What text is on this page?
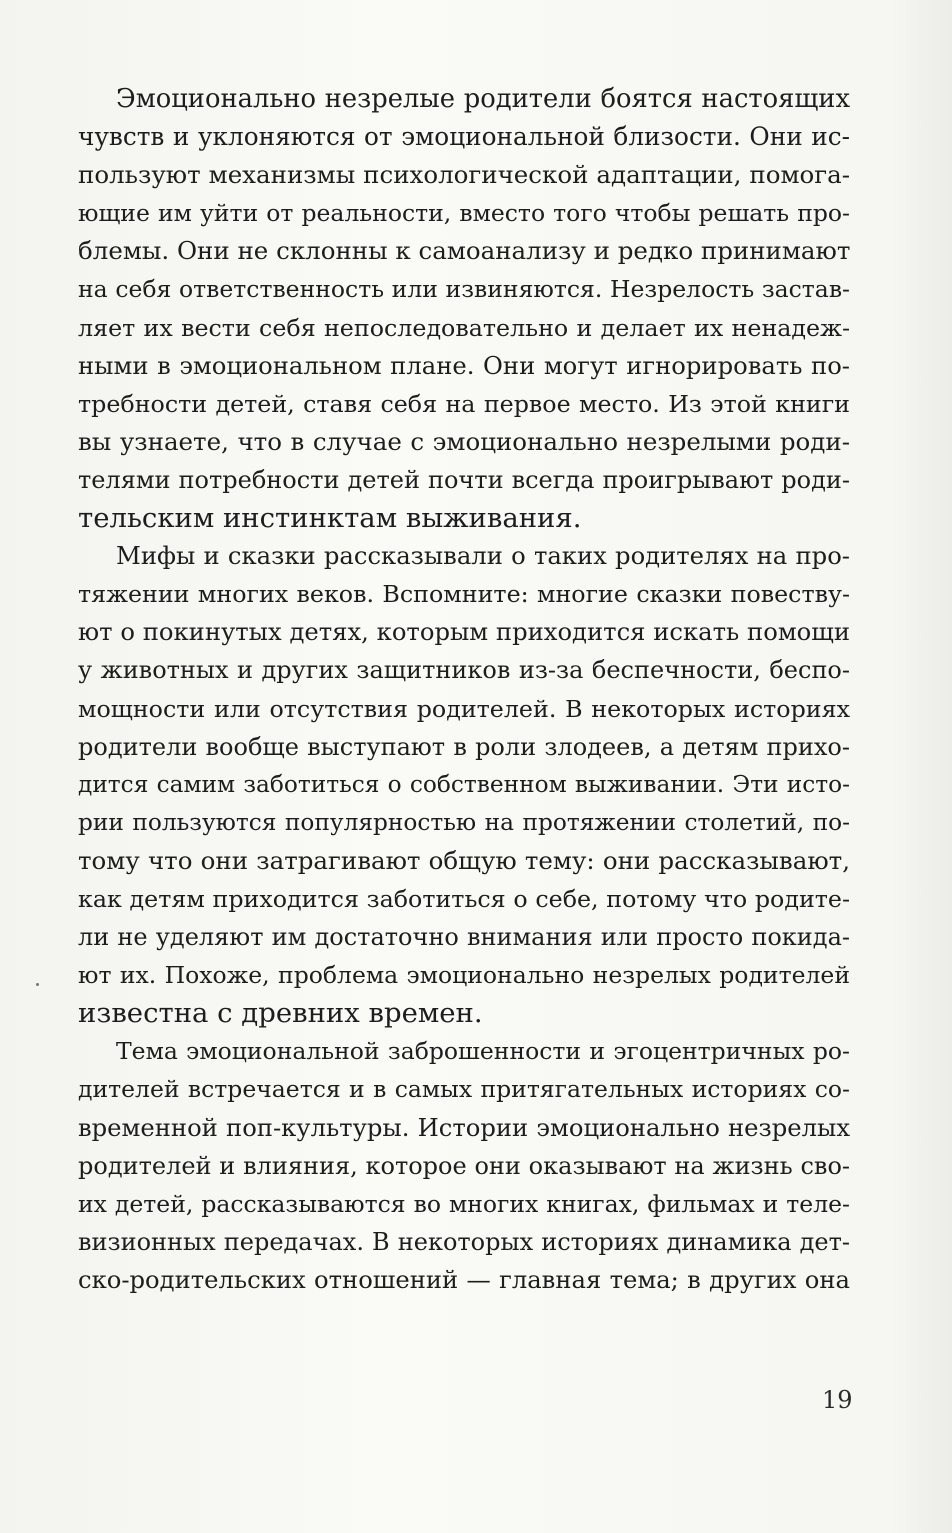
Эмоционально незрелые родители боятся настоящих
чувств и уклоняются от эмоциональной близости. Они ис-
пользуют механизмы психологической адаптации, помога-
ющие им уйти от реальности, вместо того чтобы решать про-
блемы. Они не склонны к самоанализу и редко принимают
на себя ответственность или извиняются. Незрелость застав-
ляет их вести себя непоследовательно и делает их ненадеж-
ными в эмоциональном плане. Они могут игнорировать по-
требности детей, ставя себя на первое место. Из этой книги
вы узнаете, что в случае с эмоционально незрелыми роди-
телями потребности детей почти всегда проигрывают роди-
тельским инстинктам выживания.
Мифы и сказки рассказывали о таких родителях на про-
тяжении многих веков. Вспомните: многие сказки повеству-
ют о покинутых детях, которым приходится искать помощи
у животных и других защитников из-за беспечности, беспо-
мощности или отсутствия родителей. В некоторых историях
родители вообще выступают в роли злодеев, а детям прихо-
дится самим заботиться о собственном выживании. Эти исто-
рии пользуются популярностью на протяжении столетий, по-
тому что они затрагивают общую тему: они рассказывают,
как детям приходится заботиться о себе, потому что родите-
ли не уделяют им достаточно внимания или просто покида-
ют их. Похоже, проблема эмоционально незрелых родителей
известна с древних времен.
Тема эмоциональной заброшенности и эгоцентричных ро-
дителей встречается и в самых притягательных историях со-
временной поп-культуры. Истории эмоционально незрелых
родителей и влияния, которое они оказывают на жизнь сво-
их детей, рассказываются во многих книгах, фильмах и теле-
визионных передачах. В некоторых историях динамика дет-
ско-родительских отношений — главная тема; в других она
19
